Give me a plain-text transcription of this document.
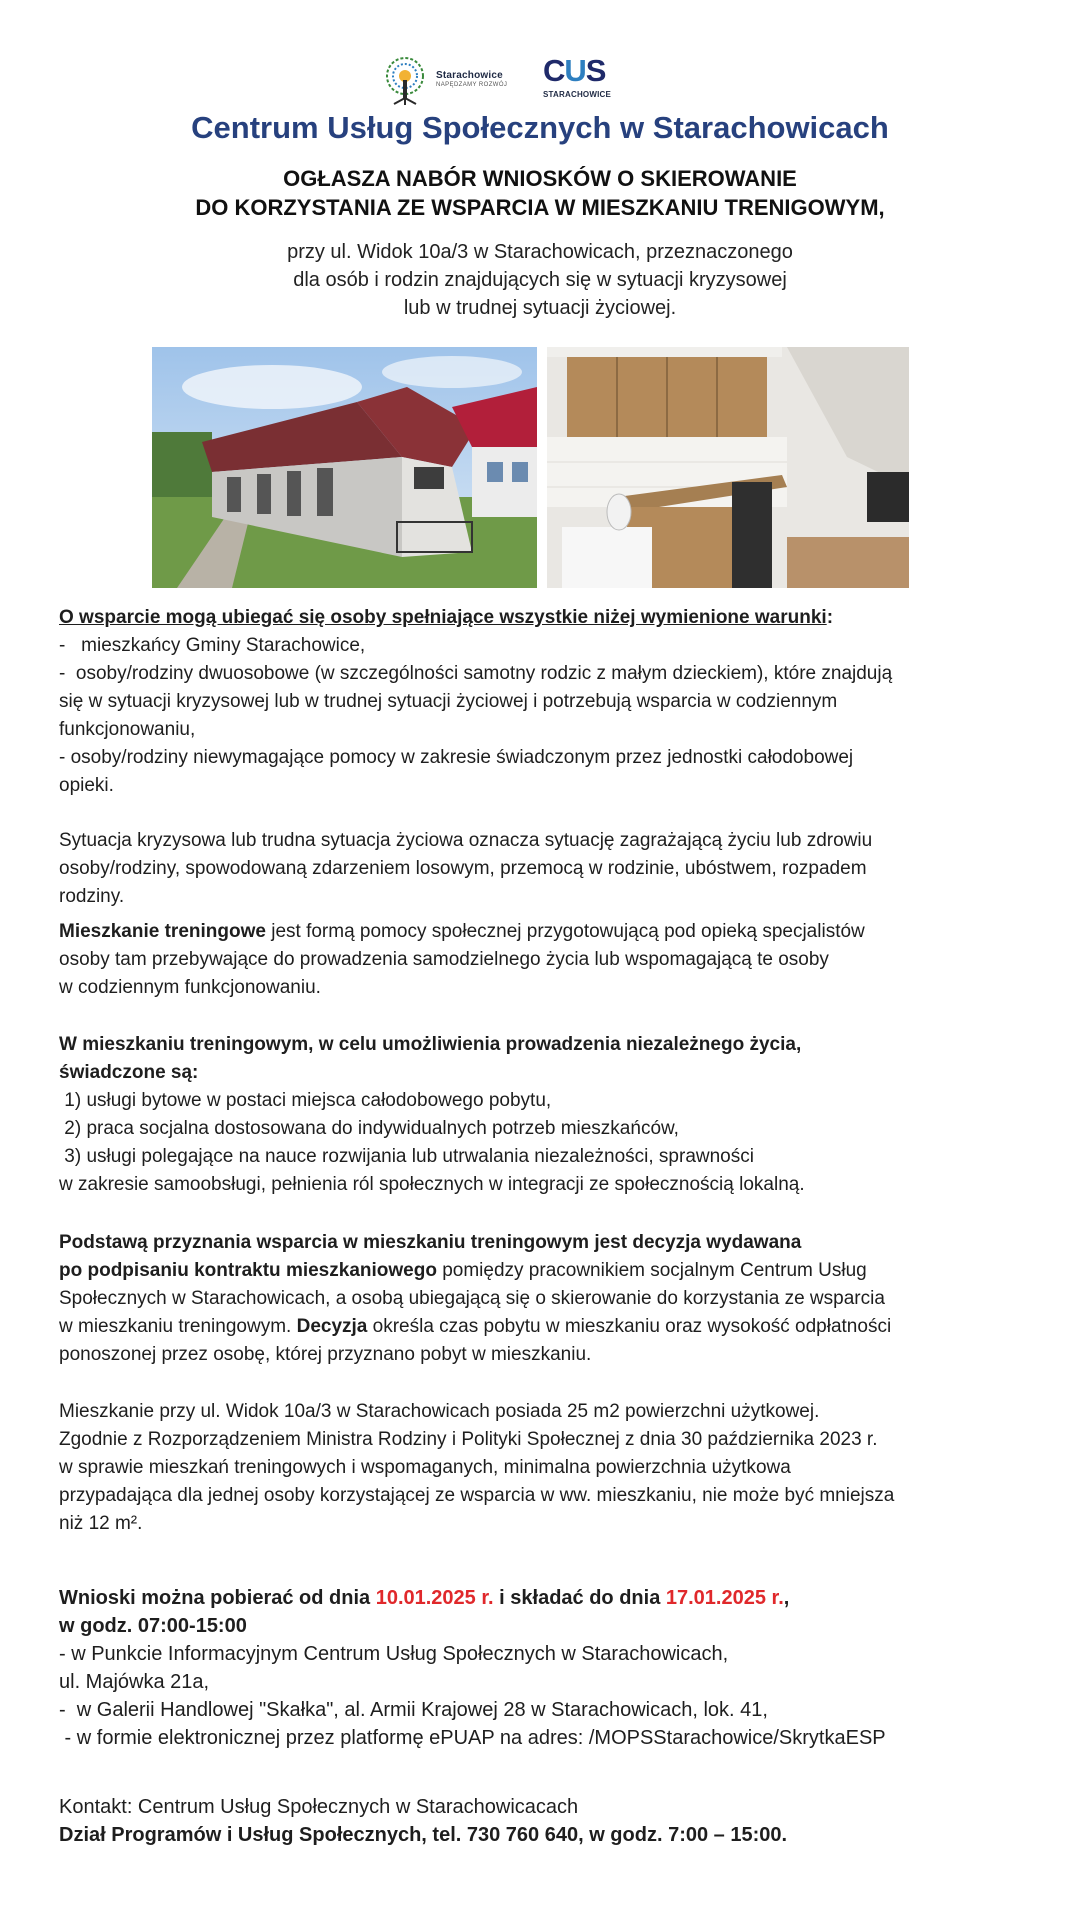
Starachowice
NAPĘDZAMY ROZWÓJ CUS
STARACHOWICE
Centrum Usług Społecznych w Starachowicach
OGŁASZA NABÓR WNIOSKÓW O SKIEROWANIE
DO KORZYSTANIA ZE WSPARCIA W MIESZKANIU TRENIGOWYM,
przy ul. Widok 10a/3 w Starachowicach, przeznaczonego
dla osób i rodzin znajdujących się w sytuacji kryzysowej
lub w trudnej sytuacji życiowej.

O wsparcie mogą ubiegać się osoby spełniające wszystkie niżej wymienione warunki:

-   mieszkańcy Gminy Starachowice,

-  osoby/rodziny dwuosobowe (w szczególności samotny rodzic z małym dzieckiem), które znajdują

się w sytuacji kryzysowej lub w trudnej sytuacji życiowej i potrzebują wsparcia w codziennym

funkcjonowaniu,

- osoby/rodziny niewymagające pomocy w zakresie świadczonym przez jednostki całodobowej

opieki.

Sytuacja kryzysowa lub trudna sytuacja życiowa oznacza sytuację zagrażającą życiu lub zdrowiu

osoby/rodziny, spowodowaną zdarzeniem losowym, przemocą w rodzinie, ubóstwem, rozpadem

rodziny.

Mieszkanie treningowe jest formą pomocy społecznej przygotowującą pod opieką specjalistów

osoby tam przebywające do prowadzenia samodzielnego życia lub wspomagającą te osoby

w codziennym funkcjonowaniu.

W mieszkaniu treningowym, w celu umożliwienia prowadzenia niezależnego życia,

świadczone są:

1) usługi bytowe w postaci miejsca całodobowego pobytu,

2) praca socjalna dostosowana do indywidualnych potrzeb mieszkańców,

3) usługi polegające na nauce rozwijania lub utrwalania niezależności, sprawności

w zakresie samoobsługi, pełnienia ról społecznych w integracji ze społecznością lokalną.

Podstawą przyznania wsparcia w mieszkaniu treningowym jest decyzja wydawana

po podpisaniu kontraktu mieszkaniowego pomiędzy pracownikiem socjalnym Centrum Usług

Społecznych w Starachowicach, a osobą ubiegającą się o skierowanie do korzystania ze wsparcia

w mieszkaniu treningowym. Decyzja określa czas pobytu w mieszkaniu oraz wysokość odpłatności

ponoszonej przez osobę, której przyznano pobyt w mieszkaniu.

Mieszkanie przy ul. Widok 10a/3 w Starachowicach posiada 25 m2 powierzchni użytkowej.

Zgodnie z Rozporządzeniem Ministra Rodziny i Polityki Społecznej z dnia 30 października 2023 r.

w sprawie mieszkań treningowych i wspomaganych, minimalna powierzchnia użytkowa

przypadająca dla jednej osoby korzystającej ze wsparcia w ww. mieszkaniu, nie może być mniejsza

niż 12 m².

Wnioski można pobierać od dnia 10.01.2025 r. i składać do dnia 17.01.2025 r.,

w godz. 07:00-15:00

- w Punkcie Informacyjnym Centrum Usług Społecznych w Starachowicach,

ul. Majówka 21a,

-  w Galerii Handlowej "Skałka", al. Armii Krajowej 28 w Starachowicach, lok. 41,

- w formie elektronicznej przez platformę ePUAP na adres: /MOPSStarachowice/SkrytkaESP

Kontakt: Centrum Usług Społecznych w Starachowicacach

Dział Programów i Usług Społecznych, tel. 730 760 640, w godz. 7:00 – 15:00.
